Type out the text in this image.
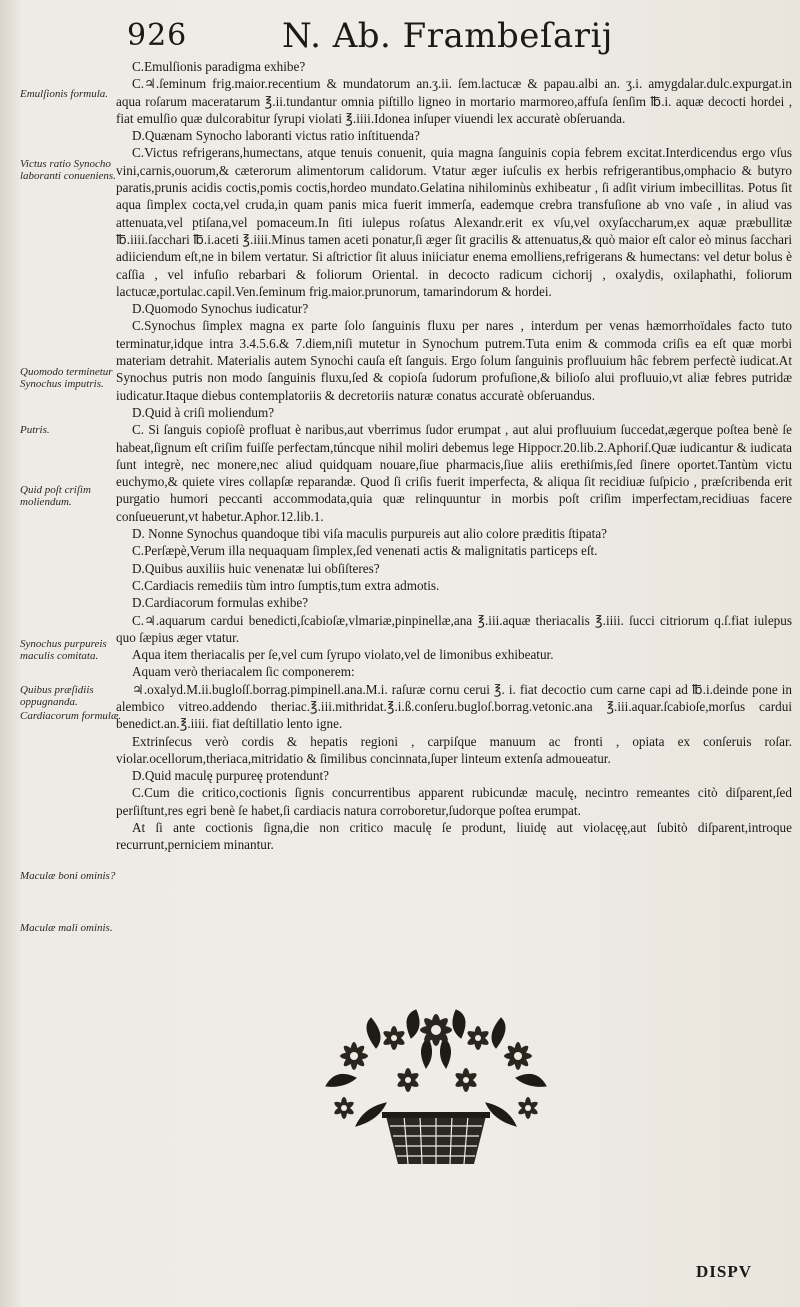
926	N. Ab. Frambeſarij
Emulſionis formula.
Victus ratio Synocho laboranti conueniens.
Quomodo terminetur Synochus imputris.
Putris.
Quid poſt criſim moliendum.
Synochus purpureis maculis comitata.
Quibus præſidiis oppugnanda.
Cardiacorum formulæ.
Maculæ boni ominis?
Maculæ mali ominis.

C.Emulſionis paradigma exhibe?

C.♃.ſeminum frig.maior.recentium & mundatorum an.ʒ.ii. ſem.lactucæ & papau.albi an. ʒ.i. amygdalar.dulc.expurgat.in aqua roſarum maceratarum ℥.ii.tundantur omnia piſtillo ligneo in mortario marmoreo,affuſa ſenſim ℔.i. aquæ decocti hordei , fiat emulſio quæ dulcorabitur ſyrupi violati ℥.iiii.Idonea inſuper viuendi lex accuratè obſeruanda.

D.Quænam Synocho laboranti victus ratio inſtituenda?

C.Victus refrigerans,humectans, atque tenuis conuenit, quia magna ſanguinis copia febrem excitat.Interdicendus ergo vſus vini,carnis,ouorum,& cæterorum alimentorum calidorum. Vtatur æger iuſculis ex herbis refrigerantibus,omphacio & butyro paratis,prunis acidis coctis,pomis coctis,hordeo mundato.Gelatina nihilominùs exhibeatur , ſi adſit virium imbecillitas. Potus ſit aqua ſimplex cocta,vel cruda,in quam panis mica fuerit immerſa, eademque crebra transfuſione ab vno vaſe , in aliud vas attenuata,vel ptiſana,vel pomaceum.In ſiti iulepus roſatus Alexandr.erit ex vſu,vel oxyſaccharum,ex aquæ præbullitæ ℔.iiii.ſacchari ℔.i.aceti ℥.iiii.Minus tamen aceti ponatur,ſi æger ſit gracilis & attenuatus,& quò maior eſt calor eò minus ſacchari adiiciendum eſt,ne in bilem vertatur. Si aſtrictior ſit aluus iniiciatur enema emolliens,refrigerans & humectans: vel detur bolus è caſſia , vel infuſio rebarbari & foliorum Oriental. in decocto radicum cichorij , oxalydis, oxilaphathi, foliorum lactucæ,portulac.capil.Ven.ſeminum frig.maior.prunorum, tamarindorum & hordei.

D.Quomodo Synochus iudicatur?

C.Synochus ſimplex magna ex parte ſolo ſanguinis fluxu per nares , interdum per venas hæmorrhoïdales facto tuto terminatur,idque intra 3.4.5.6.& 7.diem,niſi mutetur in Synochum putrem.Tuta enim & commoda criſis ea eſt quæ morbi materiam detrahit. Materialis autem Synochi cauſa eſt ſanguis. Ergo ſolum ſanguinis profluuium hâc febrem perfectè iudicat.At Synochus putris non modo ſanguinis fluxu,ſed & copioſa ſudorum profuſione,& bilioſo alui profluuio,vt aliæ febres putridæ iudicatur.Itaque diebus contemplatoriis & decretoriis naturæ conatus accuratè obſeruandus.

D.Quid à criſi moliendum?

C. Si ſanguis copioſè profluat è naribus,aut vberrimus ſudor erumpat , aut alui profluuium ſuccedat,ægerque poſtea benè ſe habeat,ſignum eſt criſim fuiſſe perfectam,túncque nihil moliri debemus lege Hippocr.20.lib.2.Aphoriſ.Quæ iudicantur & iudicata ſunt integrè, nec monere,nec aliud quidquam nouare,ſiue pharmacis,ſiue aliis erethiſmis,ſed ſinere oportet.Tantùm victu euchymo,& quiete vires collapſæ reparandæ. Quod ſi criſis fuerit imperfecta, & aliqua ſit recidiuæ ſuſpicio , præſcribenda erit purgatio humori peccanti accommodata,quia quæ relinquuntur in morbis poſt criſim imperfectam,recidiuas facere conſueuerunt,vt habetur.Aphor.12.lib.1.

D. Nonne Synochus quandoque tibi viſa maculis purpureis aut alio colore præditis ſtipata?

C.Perſæpè,Verum illa nequaquam ſimplex,ſed venenati actis & malignitatis particeps eſt.

D.Quibus auxiliis huic venenatæ lui obſiſteres?

C.Cardiacis remediis tùm intro ſumptis,tum extra admotis.

D.Cardiacorum formulas exhibe?

C.♃.aquarum cardui benedicti,ſcabioſæ,vlmariæ,pinpinellæ,ana ℥.iii.aquæ theriacalis ℥.iiii. ſucci citriorum q.ſ.fiat iulepus quo ſæpius æger vtatur.

Aqua item theriacalis per ſe,vel cum ſyrupo violato,vel de limonibus exhibeatur.

Aquam verò theriacalem ſic componerem:

♃.oxalyd.M.ii.bugloſſ.borrag.pimpinell.ana.M.i. raſuræ cornu cerui ℥. i. fiat decoctio cum carne capi ad ℔.i.deinde pone in alembico vitreo.addendo theriac.℥.iii.mithridat.℥.i.ß.conſeru.bugloſ.borrag.vetonic.ana ℥.iii.aquar.ſcabioſe,morſus cardui benedict.an.℥.iiii. fiat deſtillatio lento igne.

Extrinſecus verò cordis & hepatis regioni , carpiſque manuum ac fronti , opiata ex conſeruis roſar. violar.ocellorum,theriaca,mitridatio & ſimilibus concinnata,ſuper linteum extenſa admoueatur.

D.Quid maculę purpureę protendunt?

C.Cum die critico,coctionis ſignis concurrentibus apparent rubicundæ maculę, necintro remeantes citò diſparent,ſed perſiſtunt,res egri benè ſe habet,ſi cardiacis natura corroboretur,ſudorque poſtea erumpat.

At ſi ante coctionis ſigna,die non critico maculę ſe produnt, liuidę aut violacęę,aut ſubitò diſparent,introque recurrunt,perniciem minantur.

DISPV
